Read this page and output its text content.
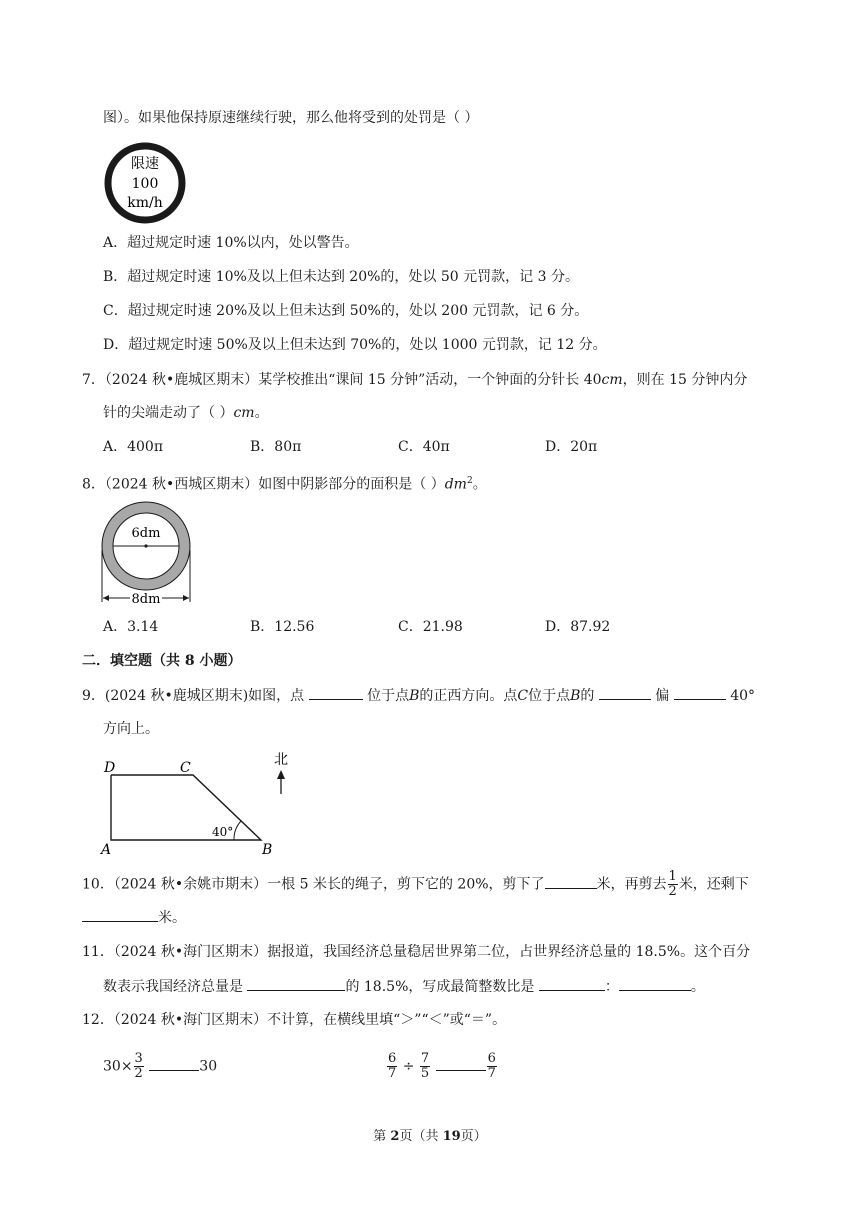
图）。如果他保持原速继续行驶，那么他将受到的处罚是（ ）
限速
100
km/h
A．超过规定时速 10%以内，处以警告。
B．超过规定时速 10%及以上但未达到 20%的，处以 50 元罚款，记 3 分。
C．超过规定时速 20%及以上但未达到 50%的，处以 200 元罚款，记 6 分。
D．超过规定时速 50%及以上但未达到 70%的，处以 1000 元罚款，记 12 分。
7．（2024 秋•鹿城区期末）某学校推出“课间 15 分钟”活动，一个钟面的分针长 40cm，则在 15 分钟内分
针的尖端走动了（ ）cm。
A．400π	B．80π	C．40π	D．20π
8．（2024 秋•西城区期末）如图中阴影部分的面积是（ ）$dm^2$。
6dm
8dm
A．3.14	B．12.56	C．21.98	D．87.92
二．填空题（共 8 小题）
9．(2024 秋•鹿城区期末)如图，点	位于点B的正西方向。点C位于点B的	偏	40°
方向上。
D	C
A	B
40°
北
10．（2024 秋•余姚市期末）一根 5 米长的绳子，剪下它的 20%，剪下了	米，再剪去 $\frac{1}{2}$ 米，还剩下
米。
11．（2024 秋•海门区期末）据报道，我国经济总量稳居世界第二位，占世界经济总量的 18.5%。这个百分
数表示我国经济总量是	的 18.5%，写成最简整数比是	：	。
12．（2024 秋•海门区期末）不计算，在横线里填“＞”“＜”或“＝”。
$30\times \frac{3}{2}$	30	$\frac{6}{7} \div \frac{7}{5}$
	$\frac{6}{7}$
第 2页（共 19页）
